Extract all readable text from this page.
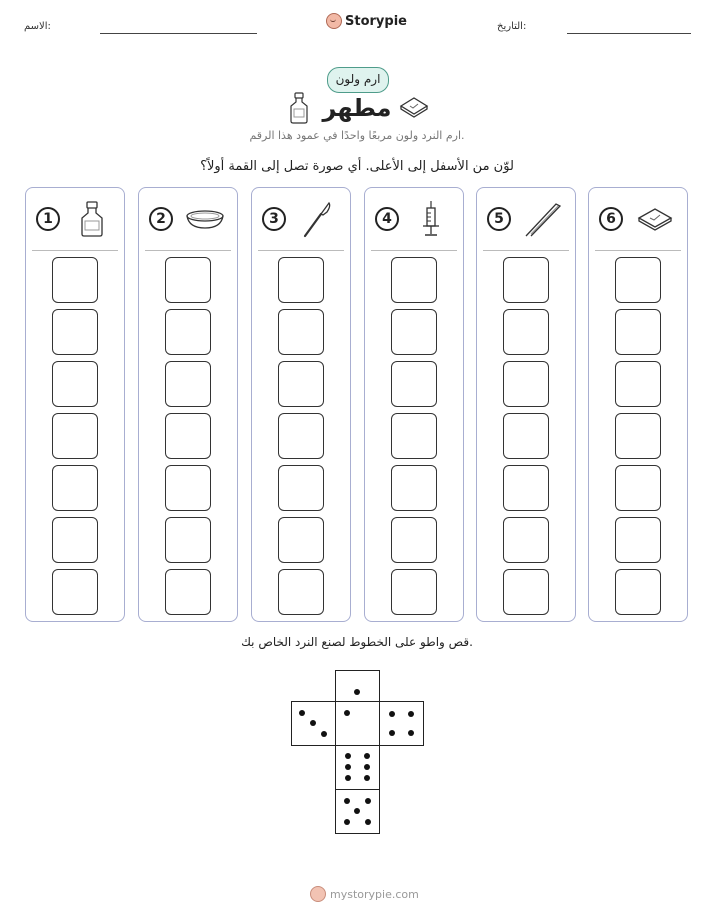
الاسم:	Storypie	التاريخ:
ارم ولون
مطهر
ارم النرد ولون مربعًا واحدًا في عمود هذا الرقم.
لوّن من الأسفل إلى الأعلى. أي صورة تصل إلى القمة أولاً؟
1	2	3	4	5	6
قص واطو على الخطوط لصنع النرد الخاص بك.
mystorypie.com
